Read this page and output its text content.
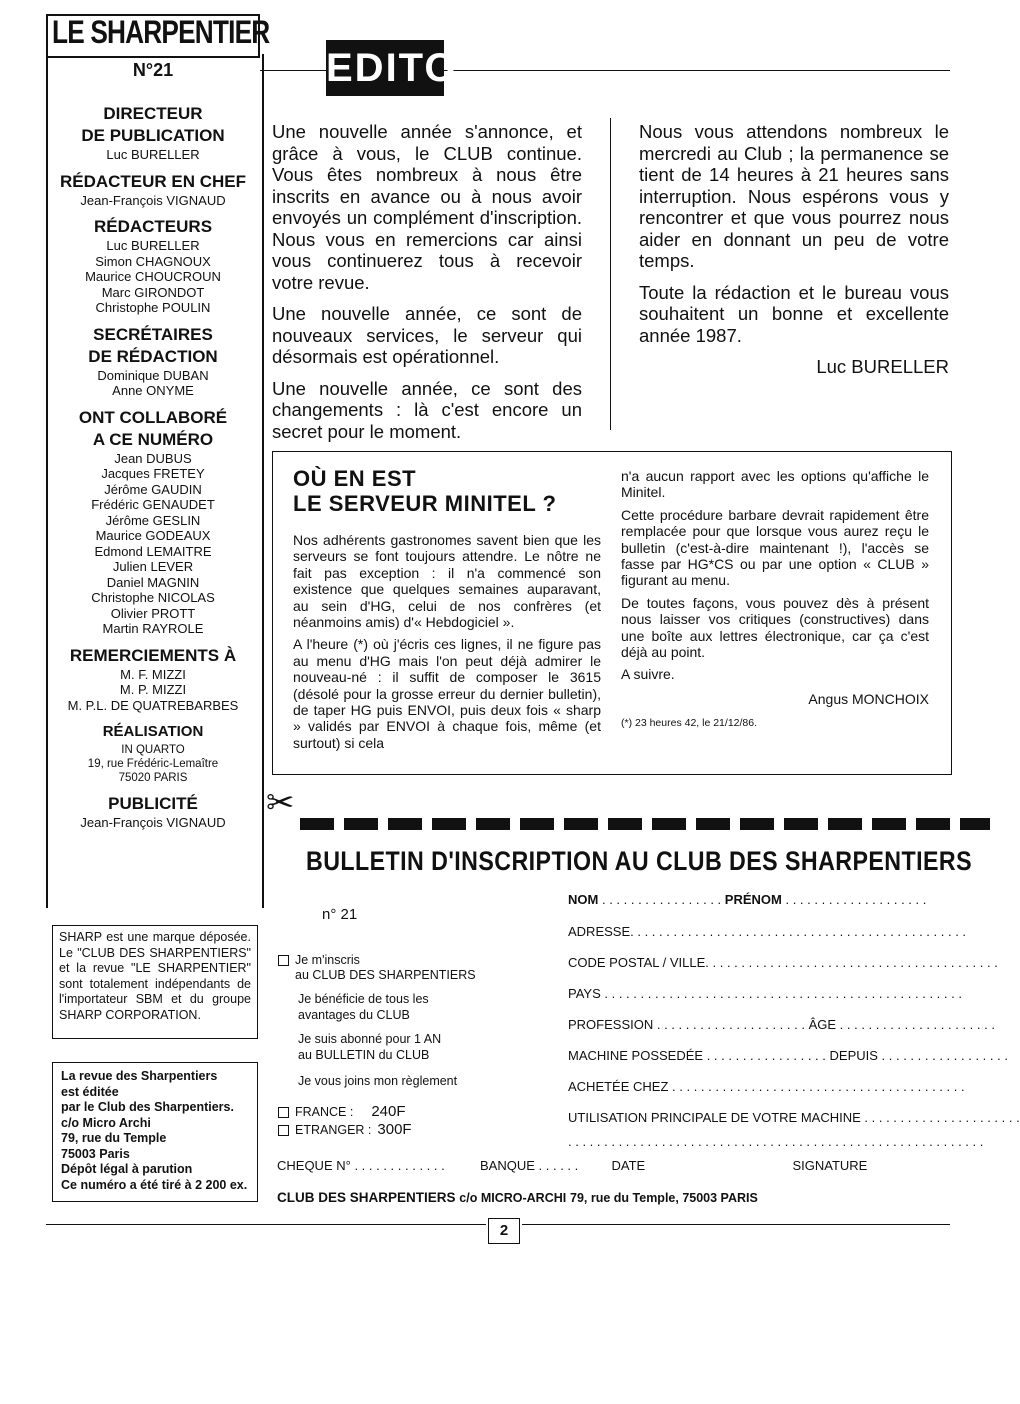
LE SHARPENTIER
N°21
DIRECTEUR
DE PUBLICATION
Luc BURELLER
RÉDACTEUR EN CHEF
Jean-François VIGNAUD
RÉDACTEURS
Luc BURELLER
Simon CHAGNOUX
Maurice CHOUCROUN
Marc GIRONDOT
Christophe POULIN
SECRÉTAIRES
DE RÉDACTION
Dominique DUBAN
Anne ONYME
ONT COLLABORÉ
A CE NUMÉRO
Jean DUBUS
Jacques FRETEY
Jérôme GAUDIN
Frédéric GENAUDET
Jérôme GESLIN
Maurice GODEAUX
Edmond LEMAITRE
Julien LEVER
Daniel MAGNIN
Christophe NICOLAS
Olivier PROTT
Martin RAYROLE
REMERCIEMENTS À
M. F. MIZZI
M. P. MIZZI
M. P.L. DE QUATREBARBES
RÉALISATION
IN QUARTO
19, rue Frédéric-Lemaître
75020 PARIS
PUBLICITÉ
Jean-François VIGNAUD
SHARP est une marque déposée. Le "CLUB DES SHARPENTIERS" et la revue "LE SHARPENTIER" sont totalement indépendants de l'importateur SBM et du groupe SHARP CORPORATION.
La revue des Sharpentiers
est éditée
par le Club des Sharpentiers.
c/o Micro Archi
79, rue du Temple
75003 Paris
Dépôt légal à parution
Ce numéro a été tiré à 2 200 ex.
EDITO

Une nouvelle année s'annonce, et grâce à vous, le CLUB continue. Vous êtes nombreux à nous être inscrits en avance ou à nous avoir envoyés un complément d'inscription. Nous vous en remercions car ainsi vous continuerez tous à recevoir votre revue.

Une nouvelle année, ce sont de nouveaux services, le serveur qui désormais est opérationnel.

Une nouvelle année, ce sont des changements : là c'est encore un secret pour le moment.

Nous vous attendons nombreux le mercredi au Club ; la permanence se tient de 14 heures à 21 heures sans interruption. Nous espérons vous y rencontrer et que vous pourrez nous aider en donnant un peu de votre temps.

Toute la rédaction et le bureau vous souhaitent un bonne et excellente année 1987.

Luc BURELLER

OÙ EN EST
LE SERVEUR MINITEL ?

Nos adhérents gastronomes savent bien que les serveurs se font toujours attendre. Le nôtre ne fait pas exception : il n'a commencé son existence que quelques semaines auparavant, au sein d'HG, celui de nos confrères (et néanmoins amis) d'« Hebdogiciel ».

A l'heure (*) où j'écris ces lignes, il ne figure pas au menu d'HG mais l'on peut déjà admirer le nouveau-né : il suffit de composer le 3615 (désolé pour la grosse erreur du dernier bulletin), de taper HG puis ENVOI, puis deux fois « sharp » validés par ENVOI à chaque fois, même (et surtout) si cela

n'a aucun rapport avec les options qu'affiche le Minitel.

Cette procédure barbare devrait rapidement être remplacée pour que lorsque vous aurez reçu le bulletin (c'est-à-dire maintenant !), l'accès se fasse par HG*CS ou par une option « CLUB » figurant au menu.

De toutes façons, vous pouvez dès à présent nous laisser vos critiques (constructives) dans une boîte aux lettres électronique, car ça c'est déjà au point.

A suivre.

Angus MONCHOIX

(*) 23 heures 42, le 21/12/86.

✂
BULLETIN D'INSCRIPTION AU CLUB DES SHARPENTIERS
n° 21

Je m'inscris
au CLUB DES SHARPENTIERS

Je bénéficie de tous les
avantages du CLUB
Je suis abonné pour 1 AN
au BULLETIN du CLUB
Je vous joins mon règlement

FRANCE : 240F

ETRANGER : 300F

NOM . . . . . . . . . . . . . . . . . PRÉNOM . . . . . . . . . . . . . . . . . . . .
ADRESSE. . . . . . . . . . . . . . . . . . . . . . . . . . . . . . . . . . . . . . . . . . . . . . .
CODE POSTAL / VILLE. . . . . . . . . . . . . . . . . . . . . . . . . . . . . . . . . . . . . . . . .
PAYS . . . . . . . . . . . . . . . . . . . . . . . . . . . . . . . . . . . . . . . . . . . . . . . . . .
PROFESSION . . . . . . . . . . . . . . . . . . . . . ÂGE . . . . . . . . . . . . . . . . . . . . . .
MACHINE POSSEDÉE . . . . . . . . . . . . . . . . . DEPUIS . . . . . . . . . . . . . . . . . .
ACHETÉE CHEZ . . . . . . . . . . . . . . . . . . . . . . . . . . . . . . . . . . . . . . . . .
UTILISATION PRINCIPALE DE VOTRE MACHINE . . . . . . . . . . . . . . . . . . . . . .
. . . . . . . . . . . . . . . . . . . . . . . . . . . . . . . . . . . . . . . . . . . . . . . . . . . . . . . . . .
CHEQUE N° . . . . . . . . . . . . .	BANQUE . . . . . .	DATE	SIGNATURE
CLUB DES SHARPENTIERS c/o MICRO-ARCHI 79, rue du Temple, 75003 PARIS
2
